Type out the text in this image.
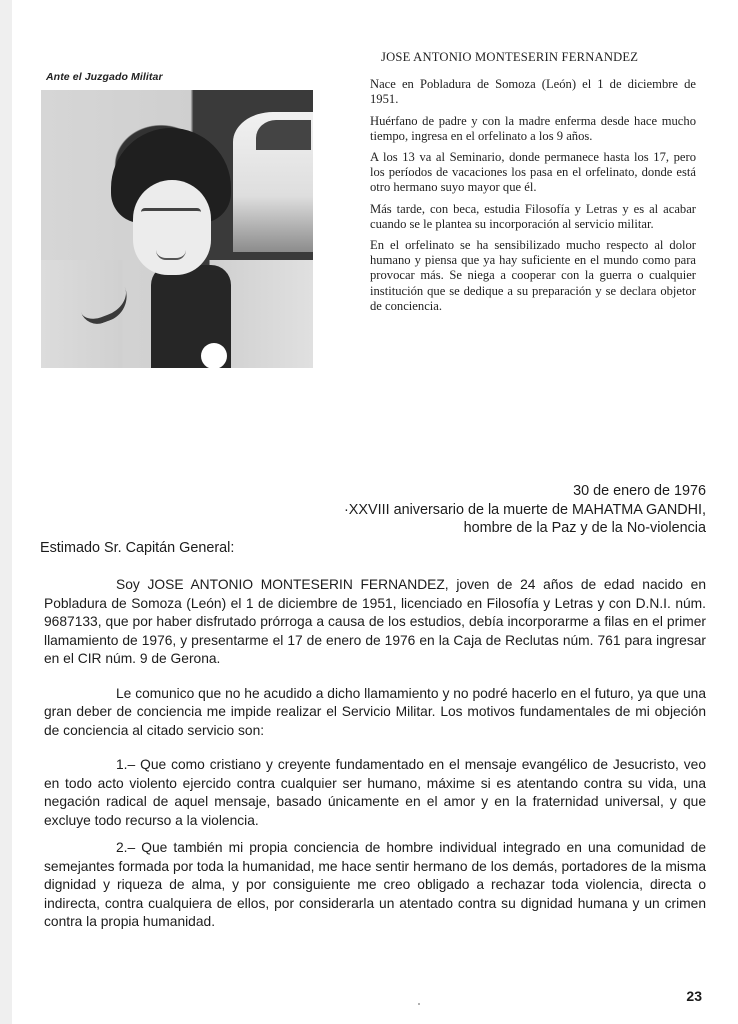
Ante el Juzgado Militar
JOSE ANTONIO MONTESERIN FERNANDEZ

Nace en Pobladura de Somoza (León) el 1 de diciembre de 1951.

Huérfano de padre y con la madre enferma desde hace mucho tiempo, ingresa en el orfelinato a los 9 años.

A los 13 va al Seminario, donde permanece hasta los 17, pero los períodos de vacaciones los pasa en el orfelinato, donde está otro hermano suyo mayor que él.

Más tarde, con beca, estudia Filosofía y Letras y es al acabar cuando se le plantea su incorporación al servicio militar.

En el orfelinato se ha sensibilizado mucho respecto al dolor humano y piensa que ya hay suficiente en el mundo como para provocar más. Se niega a cooperar con la guerra o cualquier institución que se dedique a su preparación y se declara objetor de conciencia.

30 de enero de 1976
·XXVIII aniversario de la muerte de MAHATMA GANDHI,
hombre de la Paz y de la No-violencia
Estimado Sr. Capitán General:

Soy JOSE ANTONIO MONTESERIN FERNANDEZ, joven de 24 años de edad nacido en Pobladura de Somoza (León) el 1 de diciembre de 1951, licenciado en Filosofía y Letras y con D.N.I. núm. 9687133, que por haber disfrutado prórroga a causa de los estudios, debía incorporarme a filas en el primer llamamiento de 1976, y presentarme el 17 de enero de 1976 en la Caja de Reclutas núm. 761 para ingresar en el CIR núm. 9 de Gerona.

Le comunico que no he acudido a dicho llamamiento y no podré hacerlo en el futuro, ya que una gran deber de conciencia me impide realizar el Servicio Militar. Los motivos fundamentales de mi objeción de conciencia al citado servicio son:

1.– Que como cristiano y creyente fundamentado en el mensaje evangélico de Jesucristo, veo en todo acto violento ejercido contra cualquier ser humano, máxime si es atentando contra su vida, una negación radical de aquel mensaje, basado únicamente en el amor y en la fraternidad universal, y que excluye todo recurso a la violencia.

2.– Que también mi propia conciencia de hombre individual integrado en una comunidad de semejantes formada por toda la humanidad, me hace sentir hermano de los demás, portadores de la misma dignidad y riqueza de alma, y por consiguiente me creo obligado a rechazar toda violencia, directa o indirecta, contra cualquiera de ellos, por considerarla un atentado contra su dignidad humana y un crimen contra la propia humanidad.

23
